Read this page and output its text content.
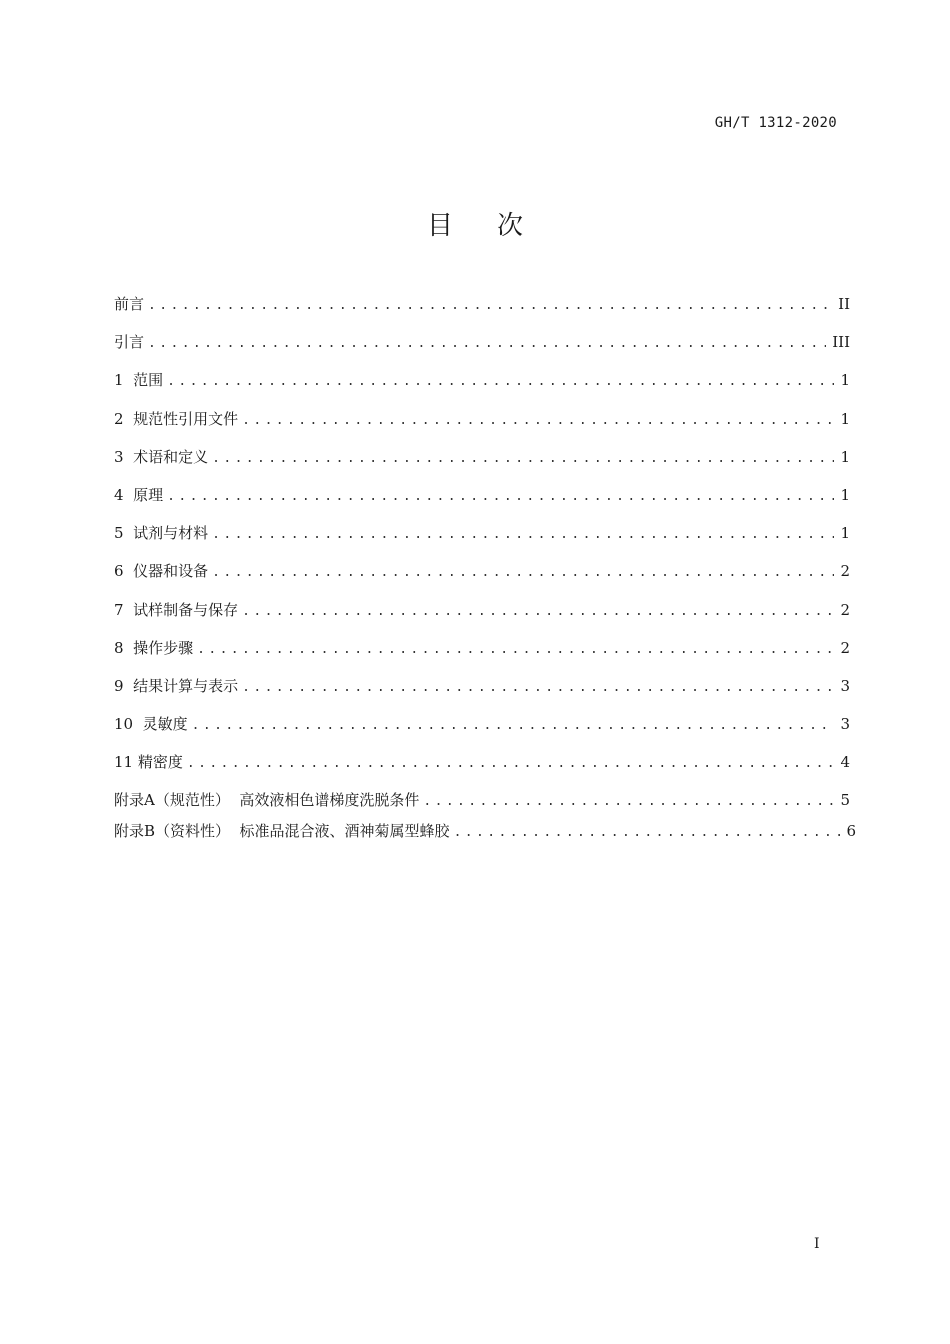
GH/T 1312-2020
目次
前言 .....	II
引言 .....	III
1 范围 .....	1
2 规范性引用文件 .....	1
3 术语和定义 .....	1
4 原理 .....	1
5 试剂与材料 .....	1
6 仪器和设备 .....	2
7 试样制备与保存 .....	2
8 操作步骤 .....	2
9 结果计算与表示 .....	3
10 灵敏度 .....	3
11 精密度 .....	4
附录A（规范性）  高效液相色谱梯度洗脱条件 .....	5
附录B（资料性）  标准品混合液、酒神菊属型蜂胶 .....	6
I
